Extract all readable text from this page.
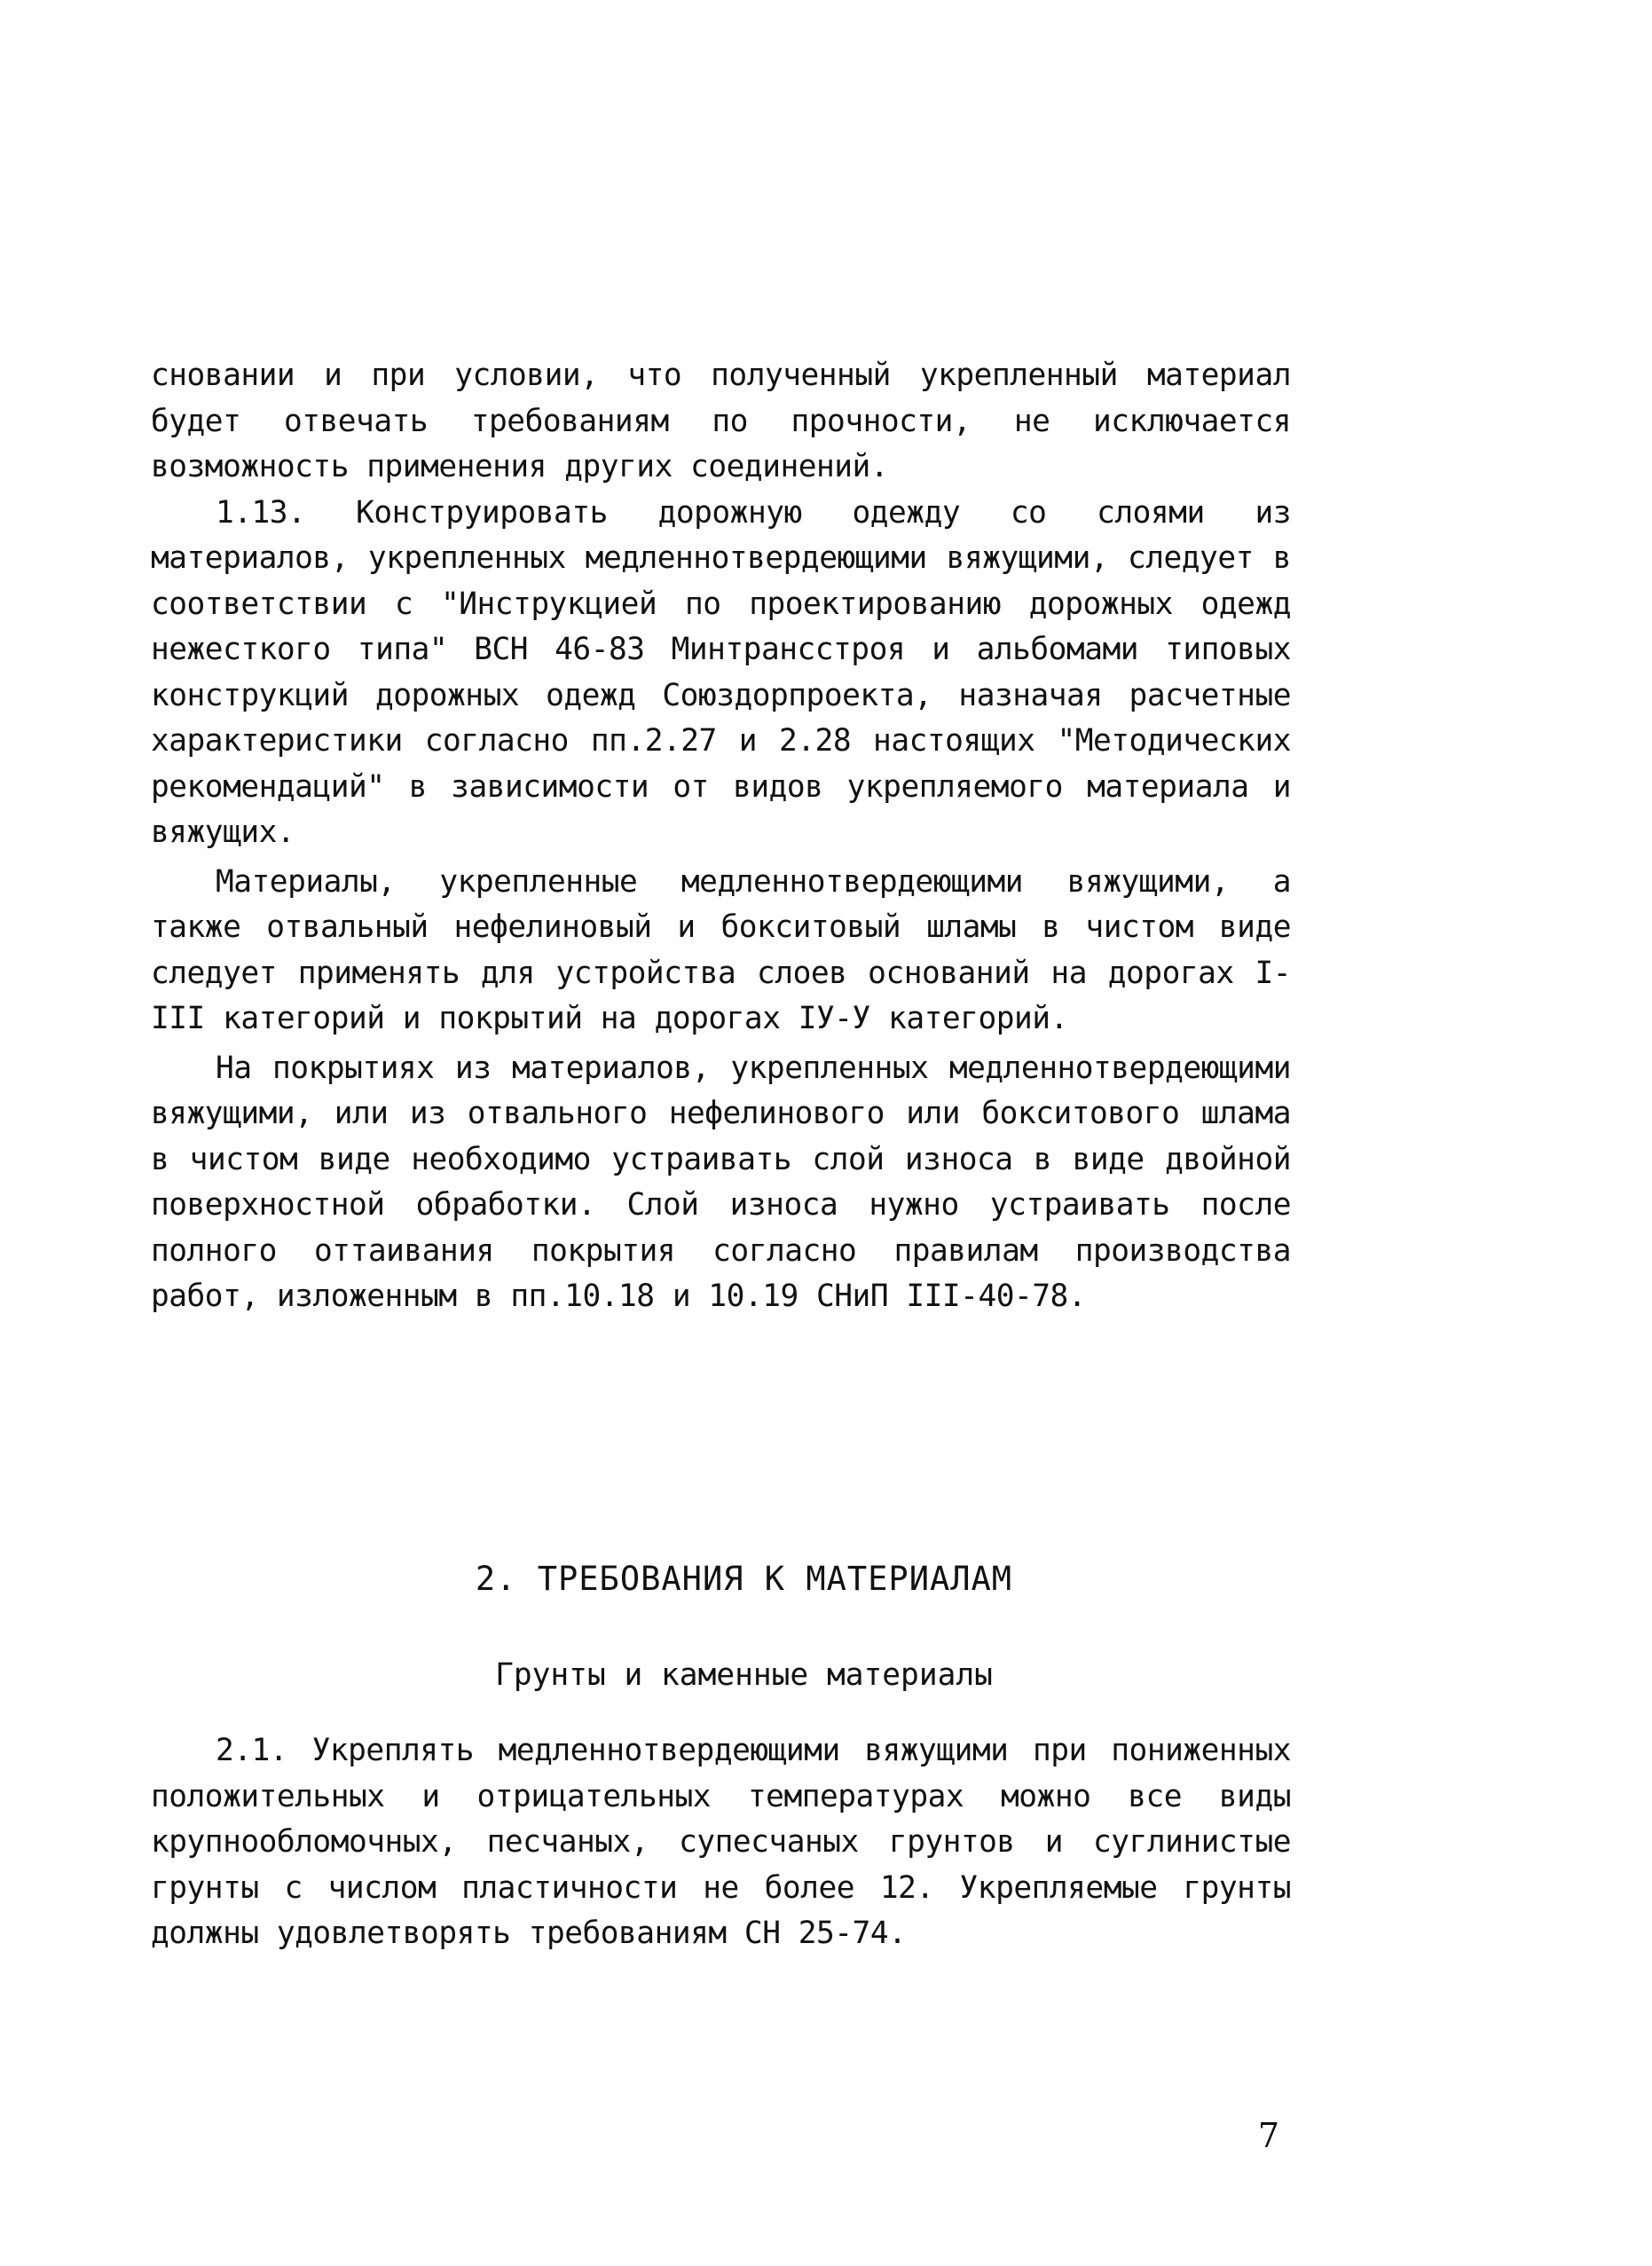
сновании и при условии, что полученный укрепленный материал будет отвечать требованиям по прочности, не исключается возможность применения других соединений.

1.13. Конструировать дорожную одежду со слоями из материалов, укрепленных медленнотвердеющими вяжущими, следует в соответствии с "Инструкцией по проектированию дорожных одежд нежесткого типа" ВСН 46-83 Минтрансстроя и альбомами типовых конструкций дорожных одежд Союздорпроекта, назначая расчетные характеристики согласно пп.2.27 и 2.28 настоящих "Методических рекомендаций" в зависимости от видов укрепляемого материала и вяжущих.

Материалы, укрепленные медленнотвердеющими вяжущими, а также отвальный нефелиновый и бокситовый шламы в чистом виде следует применять для устройства слоев оснований на дорогах I-III категорий и покрытий на дорогах IУ-У категорий.

На покрытиях из материалов, укрепленных медленнотвердеющими вяжущими, или из отвального нефелинового или бокситового шлама в чистом виде необходимо устраивать слой износа в виде двойной поверхностной обработки. Слой износа нужно устраивать после полного оттаивания покрытия согласно правилам производства работ, изложенным в пп.10.18 и 10.19 СНиП III-40-78.

2. ТРЕБОВАНИЯ К МАТЕРИАЛАМ
Грунты и каменные материалы

2.1. Укреплять медленнотвердеющими вяжущими при пониженных положительных и отрицательных температурах можно все виды крупнообломочных, песчаных, супесчаных грунтов и суглинистые грунты с числом пластичности не более 12. Укрепляемые грунты должны удовлетворять требованиям СН 25-74.

7
